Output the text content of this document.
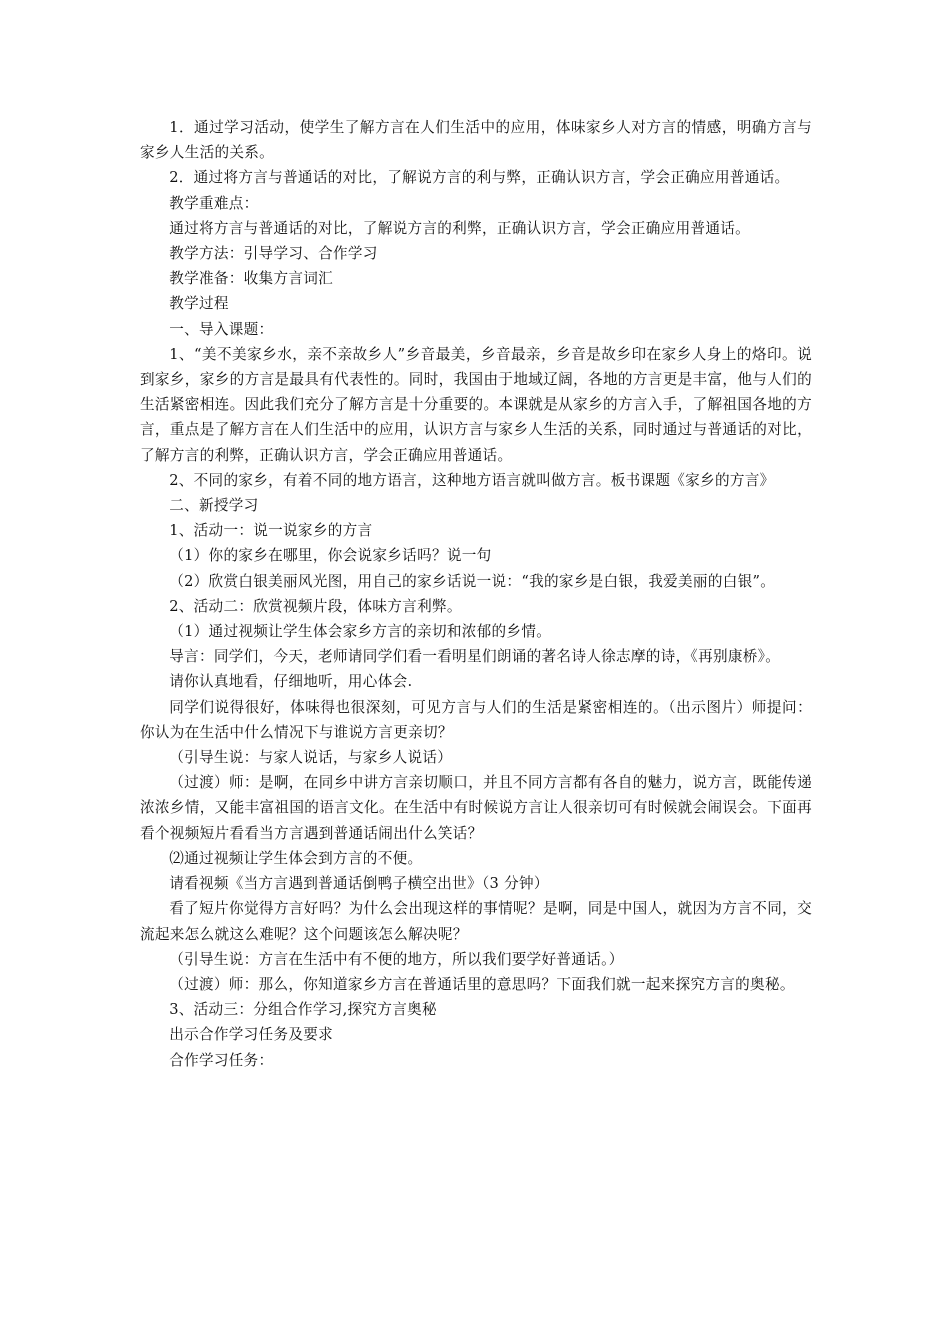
1．通过学习活动，使学生了解方言在人们生活中的应用，体味家乡人对方言的情感，明确方言与家乡人生活的关系。

2．通过将方言与普通话的对比，了解说方言的利与弊，正确认识方言，学会正确应用普通话。

教学重难点：

通过将方言与普通话的对比，了解说方言的利弊，正确认识方言，学会正确应用普通话。

教学方法：引导学习、合作学习

教学准备：收集方言词汇

教学过程

一、导入课题：

1、“美不美家乡水，亲不亲故乡人”乡音最美，乡音最亲，乡音是故乡印在家乡人身上的烙印。说到家乡，家乡的方言是最具有代表性的。同时，我国由于地域辽阔，各地的方言更是丰富，他与人们的生活紧密相连。因此我们充分了解方言是十分重要的。本课就是从家乡的方言入手，了解祖国各地的方言，重点是了解方言在人们生活中的应用，认识方言与家乡人生活的关系，同时通过与普通话的对比，了解方言的利弊，正确认识方言，学会正确应用普通话。

2、不同的家乡，有着不同的地方语言，这种地方语言就叫做方言。板书课题《家乡的方言》

二、新授学习

1、活动一：说一说家乡的方言

（1）你的家乡在哪里，你会说家乡话吗？说一句

（2）欣赏白银美丽风光图，用自己的家乡话说一说：“我的家乡是白银，我爱美丽的白银”。

2、活动二：欣赏视频片段，体味方言利弊。

（1）通过视频让学生体会家乡方言的亲切和浓郁的乡情。

导言：同学们，今天，老师请同学们看一看明星们朗诵的著名诗人徐志摩的诗，《再别康桥》。

请你认真地看，仔细地听，用心体会.

同学们说得很好，体味得也很深刻，可见方言与人们的生活是紧密相连的。（出示图片）师提问：你认为在生活中什么情况下与谁说方言更亲切？

（引导生说：与家人说话，与家乡人说话）

（过渡）师：是啊，在同乡中讲方言亲切顺口，并且不同方言都有各自的魅力，说方言，既能传递浓浓乡情，又能丰富祖国的语言文化。在生活中有时候说方言让人很亲切可有时候就会闹误会。下面再看个视频短片看看当方言遇到普通话闹出什么笑话？

⑵通过视频让学生体会到方言的不便。

请看视频《当方言遇到普通话倒鸭子横空出世》（3 分钟）

看了短片你觉得方言好吗？为什么会出现这样的事情呢？是啊，同是中国人，就因为方言不同，交流起来怎么就这么难呢？这个问题该怎么解决呢？

（引导生说：方言在生活中有不便的地方，所以我们要学好普通话。）

（过渡）师：那么，你知道家乡方言在普通话里的意思吗？下面我们就一起来探究方言的奥秘。

3、活动三：分组合作学习,探究方言奥秘

出示合作学习任务及要求

合作学习任务：
